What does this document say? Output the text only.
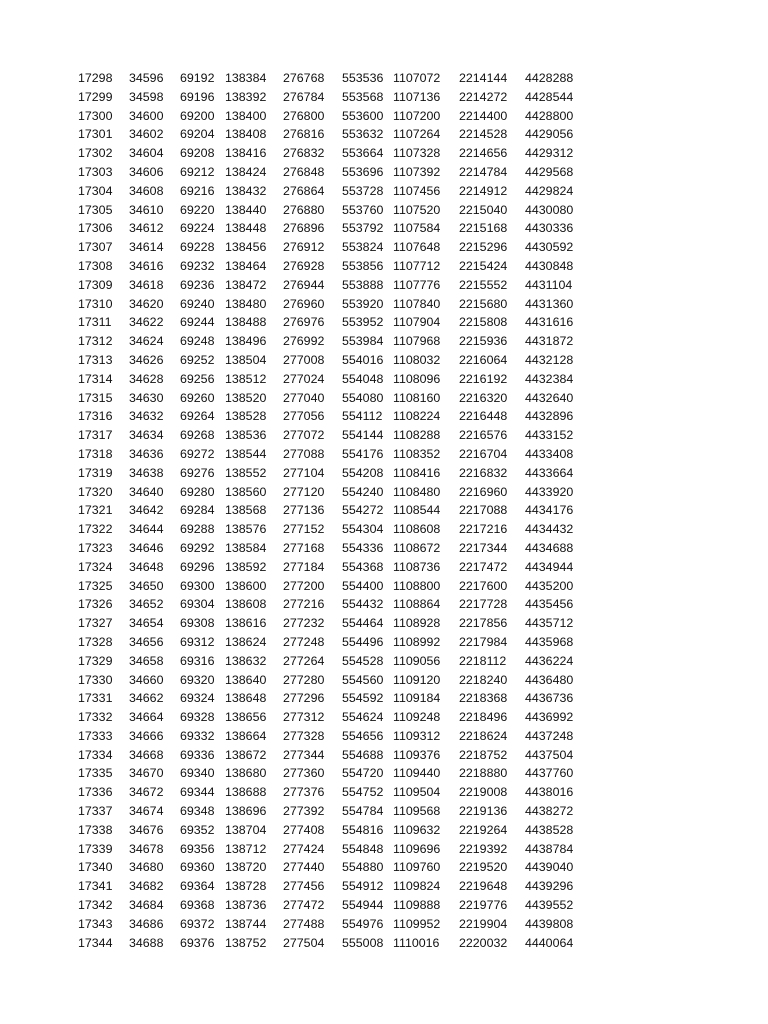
17298 34596 69192 138384 276768 553536 1107072 2214144 4428288
17299 34598 69196 138392 276784 553568 1107136 2214272 4428544
17300 34600 69200 138400 276800 553600 1107200 2214400 4428800
17301 34602 69204 138408 276816 553632 1107264 2214528 4429056
17302 34604 69208 138416 276832 553664 1107328 2214656 4429312
17303 34606 69212 138424 276848 553696 1107392 2214784 4429568
17304 34608 69216 138432 276864 553728 1107456 2214912 4429824
17305 34610 69220 138440 276880 553760 1107520 2215040 4430080
17306 34612 69224 138448 276896 553792 1107584 2215168 4430336
17307 34614 69228 138456 276912 553824 1107648 2215296 4430592
17308 34616 69232 138464 276928 553856 1107712 2215424 4430848
17309 34618 69236 138472 276944 553888 1107776 2215552 4431104
17310 34620 69240 138480 276960 553920 1107840 2215680 4431360
17311 34622 69244 138488 276976 553952 1107904 2215808 4431616
17312 34624 69248 138496 276992 553984 1107968 2215936 4431872
17313 34626 69252 138504 277008 554016 1108032 2216064 4432128
17314 34628 69256 138512 277024 554048 1108096 2216192 4432384
17315 34630 69260 138520 277040 554080 1108160 2216320 4432640
17316 34632 69264 138528 277056 554112 1108224 2216448 4432896
17317 34634 69268 138536 277072 554144 1108288 2216576 4433152
17318 34636 69272 138544 277088 554176 1108352 2216704 4433408
17319 34638 69276 138552 277104 554208 1108416 2216832 4433664
17320 34640 69280 138560 277120 554240 1108480 2216960 4433920
17321 34642 69284 138568 277136 554272 1108544 2217088 4434176
17322 34644 69288 138576 277152 554304 1108608 2217216 4434432
17323 34646 69292 138584 277168 554336 1108672 2217344 4434688
17324 34648 69296 138592 277184 554368 1108736 2217472 4434944
17325 34650 69300 138600 277200 554400 1108800 2217600 4435200
17326 34652 69304 138608 277216 554432 1108864 2217728 4435456
17327 34654 69308 138616 277232 554464 1108928 2217856 4435712
17328 34656 69312 138624 277248 554496 1108992 2217984 4435968
17329 34658 69316 138632 277264 554528 1109056 2218112 4436224
17330 34660 69320 138640 277280 554560 1109120 2218240 4436480
17331 34662 69324 138648 277296 554592 1109184 2218368 4436736
17332 34664 69328 138656 277312 554624 1109248 2218496 4436992
17333 34666 69332 138664 277328 554656 1109312 2218624 4437248
17334 34668 69336 138672 277344 554688 1109376 2218752 4437504
17335 34670 69340 138680 277360 554720 1109440 2218880 4437760
17336 34672 69344 138688 277376 554752 1109504 2219008 4438016
17337 34674 69348 138696 277392 554784 1109568 2219136 4438272
17338 34676 69352 138704 277408 554816 1109632 2219264 4438528
17339 34678 69356 138712 277424 554848 1109696 2219392 4438784
17340 34680 69360 138720 277440 554880 1109760 2219520 4439040
17341 34682 69364 138728 277456 554912 1109824 2219648 4439296
17342 34684 69368 138736 277472 554944 1109888 2219776 4439552
17343 34686 69372 138744 277488 554976 1109952 2219904 4439808
17344 34688 69376 138752 277504 555008 1110016 2220032 4440064
